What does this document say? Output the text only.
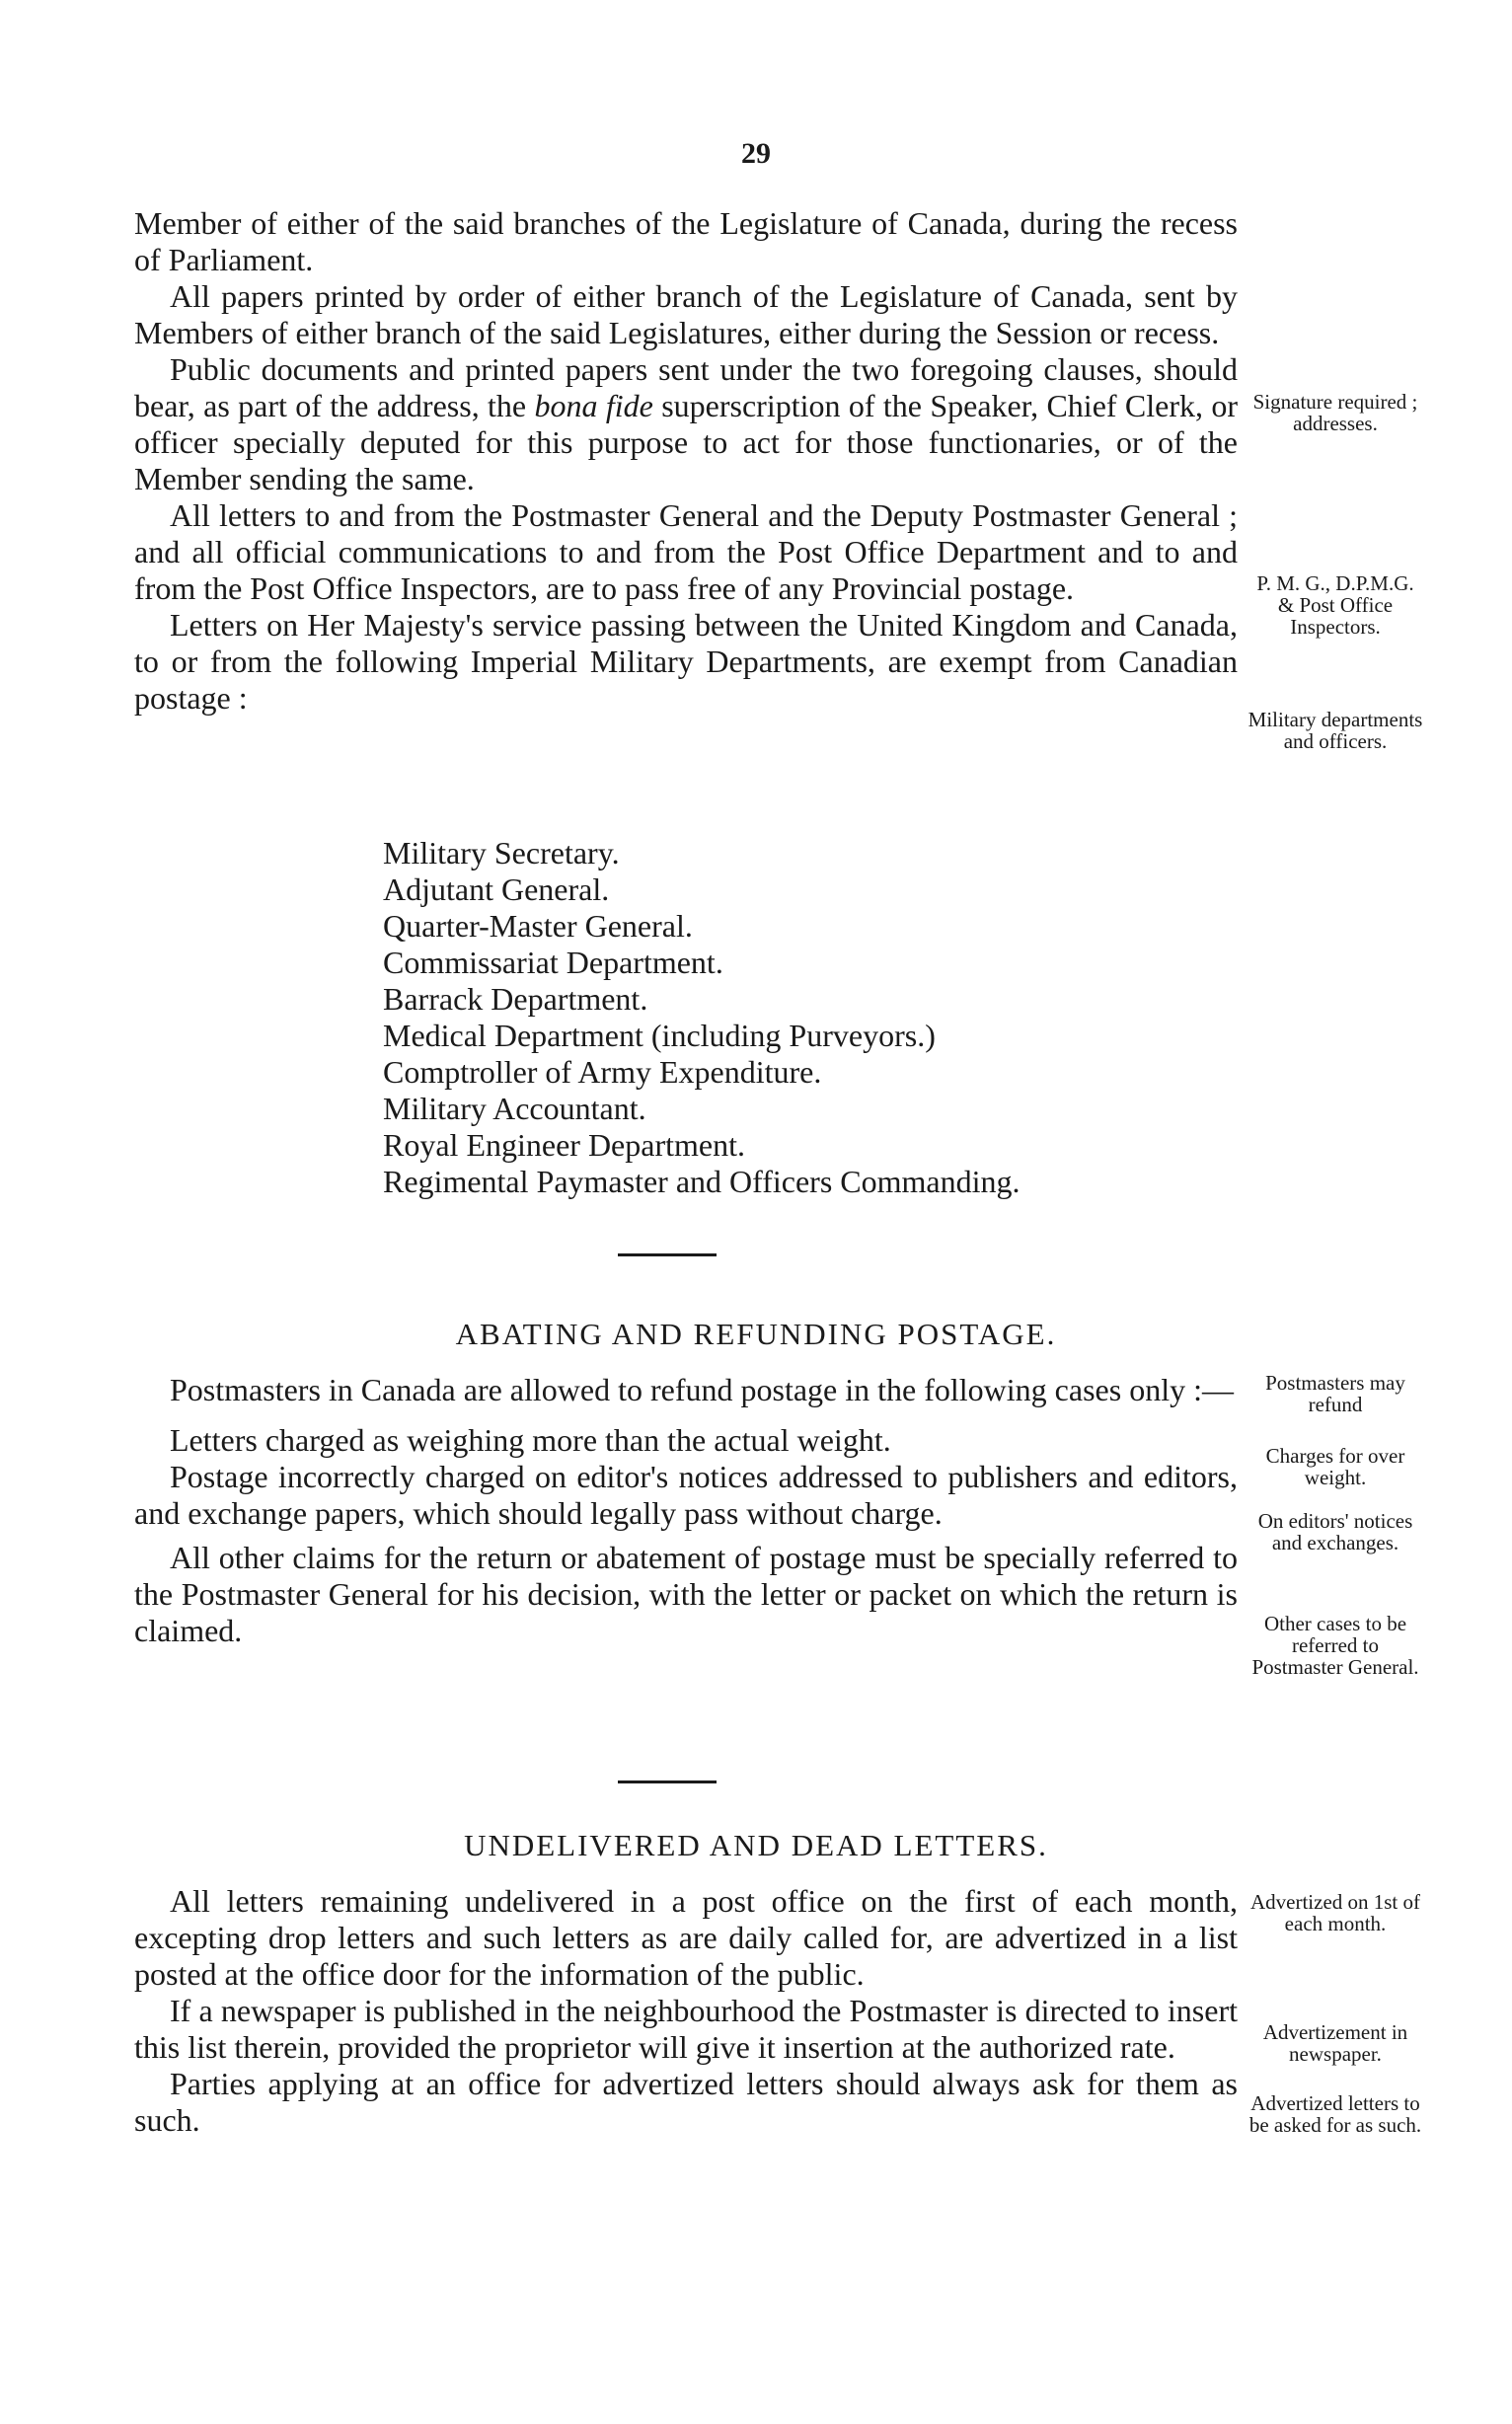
29

Member of either of the said branches of the Legislature of Canada, during the recess of Parliament.

All papers printed by order of either branch of the Legislature of Canada, sent by Members of either branch of the said Legislatures, either during the Session or recess.

Public documents and printed papers sent under the two foregoing clauses, should bear, as part of the address, the bona fide superscription of the Speaker, Chief Clerk, or officer specially deputed for this purpose to act for those functionaries, or of the Member sending the same.

All letters to and from the Postmaster General and the Deputy Postmaster General ; and all official communications to and from the Post Office Department and to and from the Post Office Inspectors, are to pass free of any Provincial postage.

Letters on Her Majesty's service passing between the United Kingdom and Canada, to or from the following Imperial Military Departments, are exempt from Canadian postage :

Signature required ; addresses.
P. M. G., D.P.M.G. & Post Office Inspectors.
Military departments and officers.
Military Secretary.
Adjutant General.
Quarter-Master General.
Commissariat Department.
Barrack Department.
Medical Department (including Purveyors.)
Comptroller of Army Expenditure.
Military Accountant.
Royal Engineer Department.
Regimental Paymaster and Officers Commanding.
ABATING AND REFUNDING POSTAGE.

Postmasters in Canada are allowed to refund postage in the following cases only :—

Letters charged as weighing more than the actual weight.

Postage incorrectly charged on editor's notices addressed to publishers and editors, and exchange papers, which should legally pass without charge.

All other claims for the return or abatement of postage must be specially referred to the Postmaster General for his decision, with the letter or packet on which the return is claimed.

Postmasters may refund
Charges for over weight.
On editors' notices and exchanges.
Other cases to be referred to Postmaster General.
UNDELIVERED AND DEAD LETTERS.

All letters remaining undelivered in a post office on the first of each month, excepting drop letters and such letters as are daily called for, are advertized in a list posted at the office door for the information of the public.

If a newspaper is published in the neighbourhood the Postmaster is directed to insert this list therein, provided the proprietor will give it insertion at the authorized rate.

Parties applying at an office for advertized letters should always ask for them as such.

Advertized on 1st of each month.
Advertizement in newspaper.
Advertized letters to be asked for as such.
